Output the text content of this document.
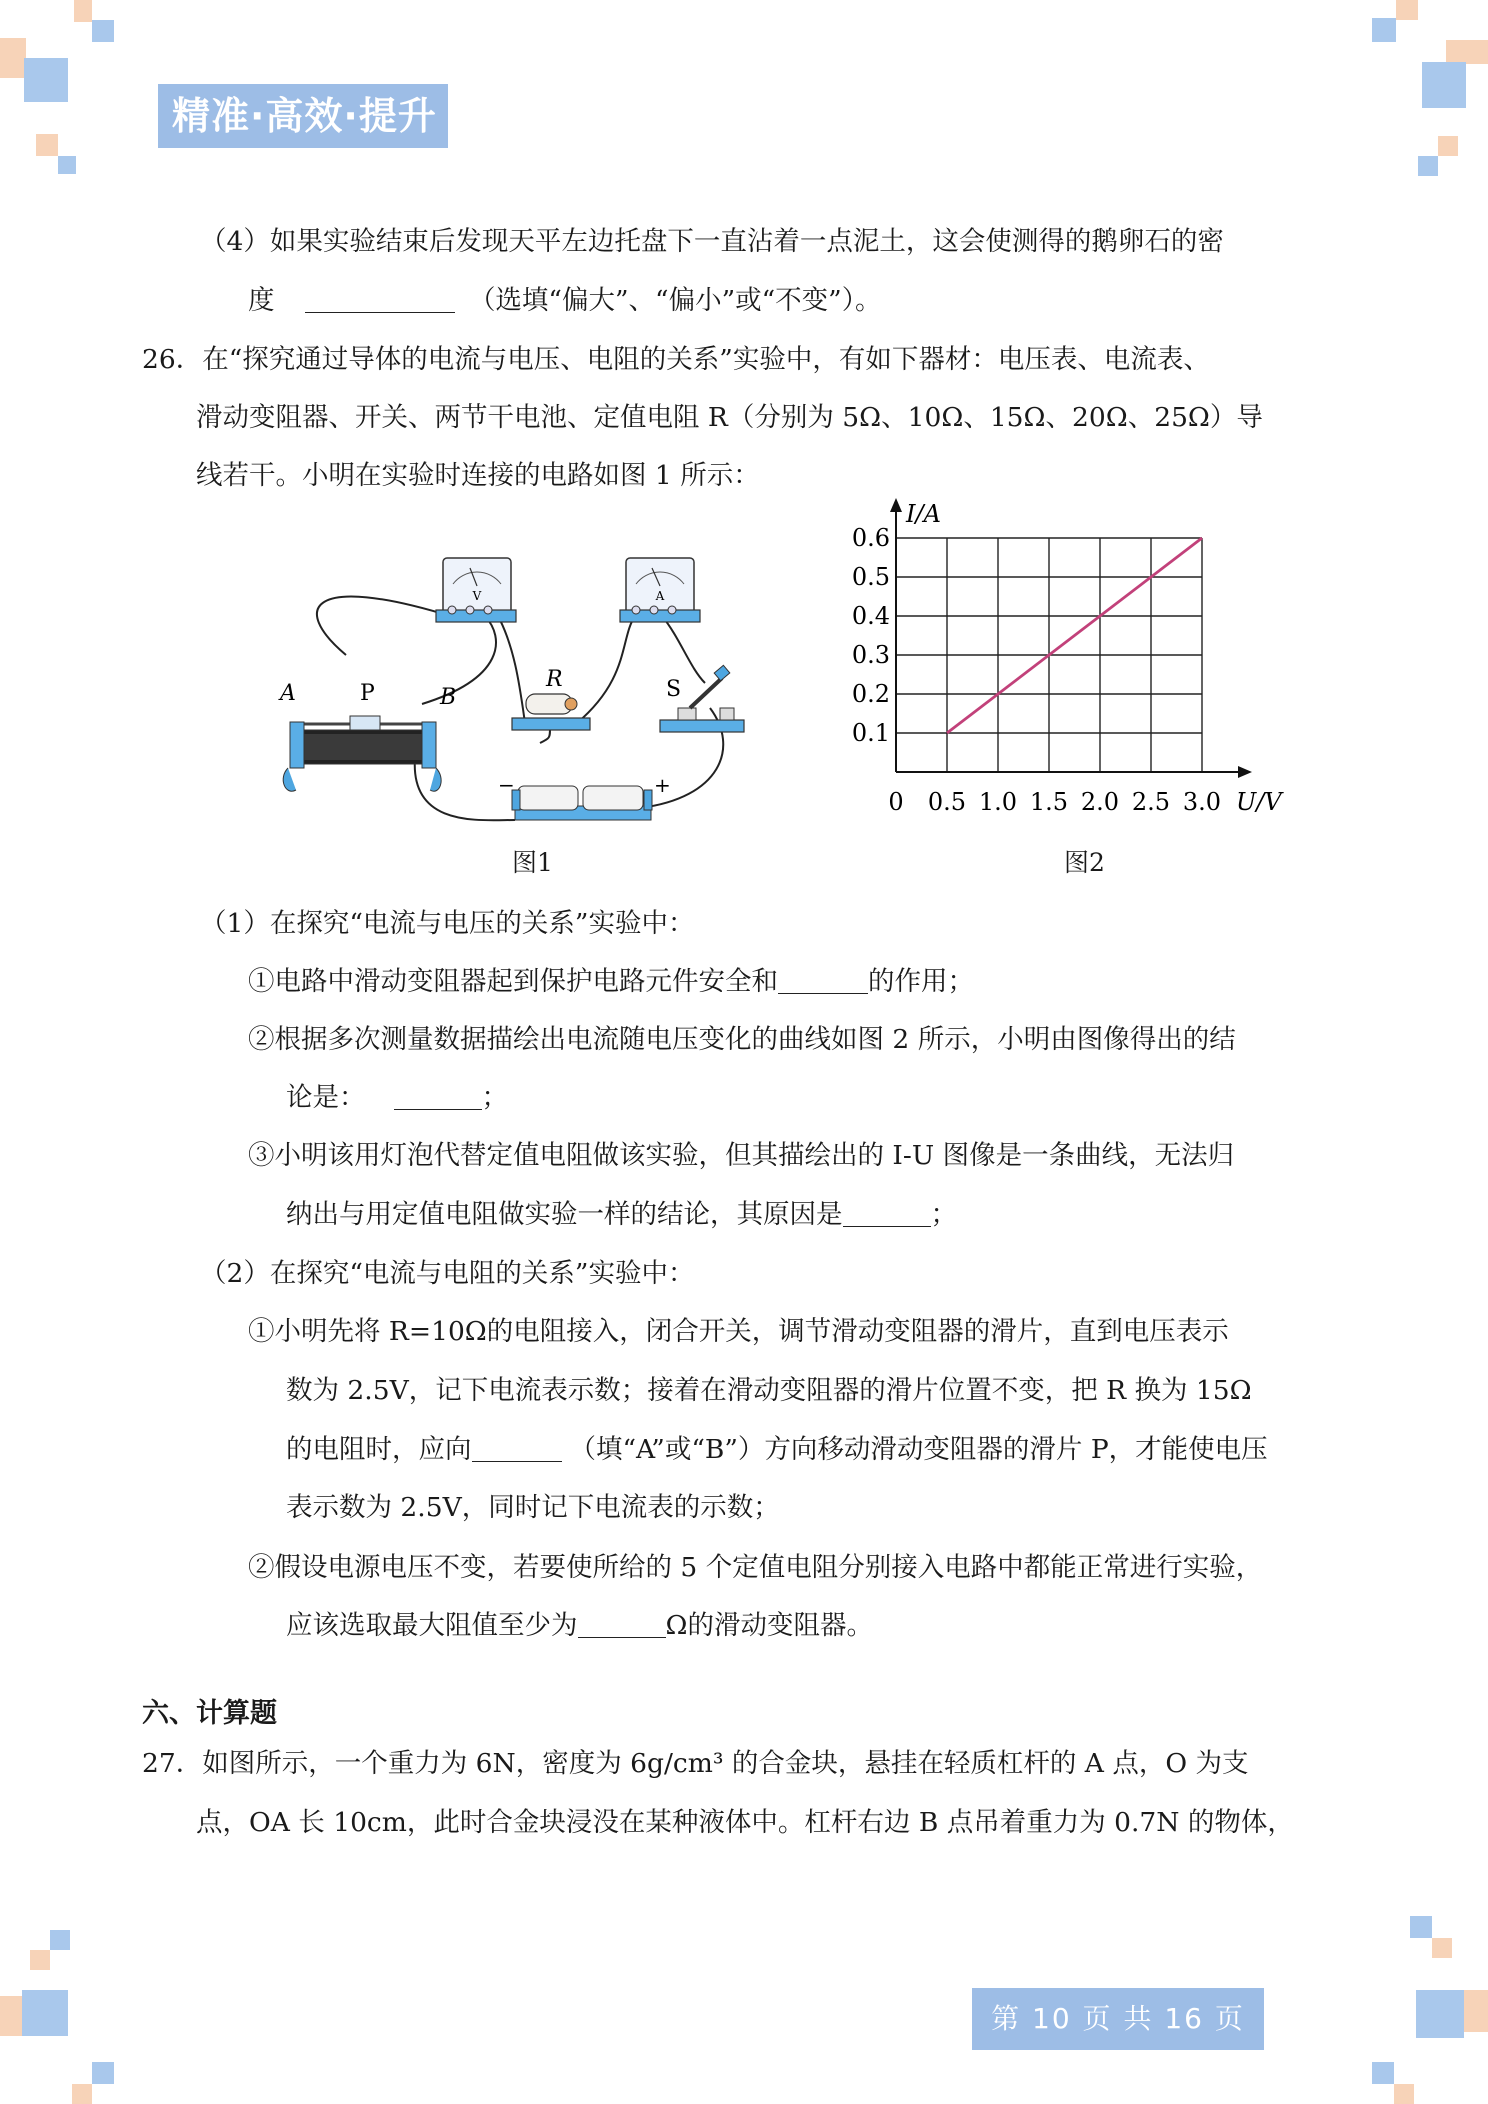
精准·高效·提升
（4）如果实验结束后发现天平左边托盘下一直沾着一点泥土，这会使测得的鹅卵石的密
度	（选填“偏大”、“偏小”或“不变”）。
26．在“探究通过导体的电流与电压、电阻的关系”实验中，有如下器材：电压表、电流表、
滑动变阻器、开关、两节干电池、定值电阻 R（分别为 5Ω、10Ω、15Ω、20Ω、25Ω）导
线若干。小明在实验时连接的电路如图 1 所示：
V	A
A	P	B
R	S
−	+
图1
0 0.5 1.0 1.5 2.0 2.5 3.0
0.1
0.2
0.3
0.4
0.5
0.6
U/V
I/A
图2
（1）在探究“电流与电压的关系”实验中：
①电路中滑动变阻器起到保护电路元件安全和	的作用；
②根据多次测量数据描绘出电流随电压变化的曲线如图 2 所示，小明由图像得出的结
论是：	；
③小明该用灯泡代替定值电阻做该实验，但其描绘出的 I-U 图像是一条曲线，无法归
纳出与用定值电阻做实验一样的结论，其原因是	；
（2）在探究“电流与电阻的关系”实验中：
①小明先将 R=10Ω的电阻接入，闭合开关，调节滑动变阻器的滑片，直到电压表示
数为 2.5V，记下电流表示数；接着在滑动变阻器的滑片位置不变，把 R 换为 15Ω
的电阻时，应向	（填“A”或“B”）方向移动滑动变阻器的滑片 P，才能使电压
表示数为 2.5V，同时记下电流表的示数；
②假设电源电压不变，若要使所给的 5 个定值电阻分别接入电路中都能正常进行实验，
应该选取最大阻值至少为	Ω的滑动变阻器。
六、计算题
27．如图所示，一个重力为 6N，密度为 6g/cm³ 的合金块，悬挂在轻质杠杆的 A 点，O 为支
点，OA 长 10cm，此时合金块浸没在某种液体中。杠杆右边 B 点吊着重力为 0.7N 的物体，
第 10 页 共 16 页
